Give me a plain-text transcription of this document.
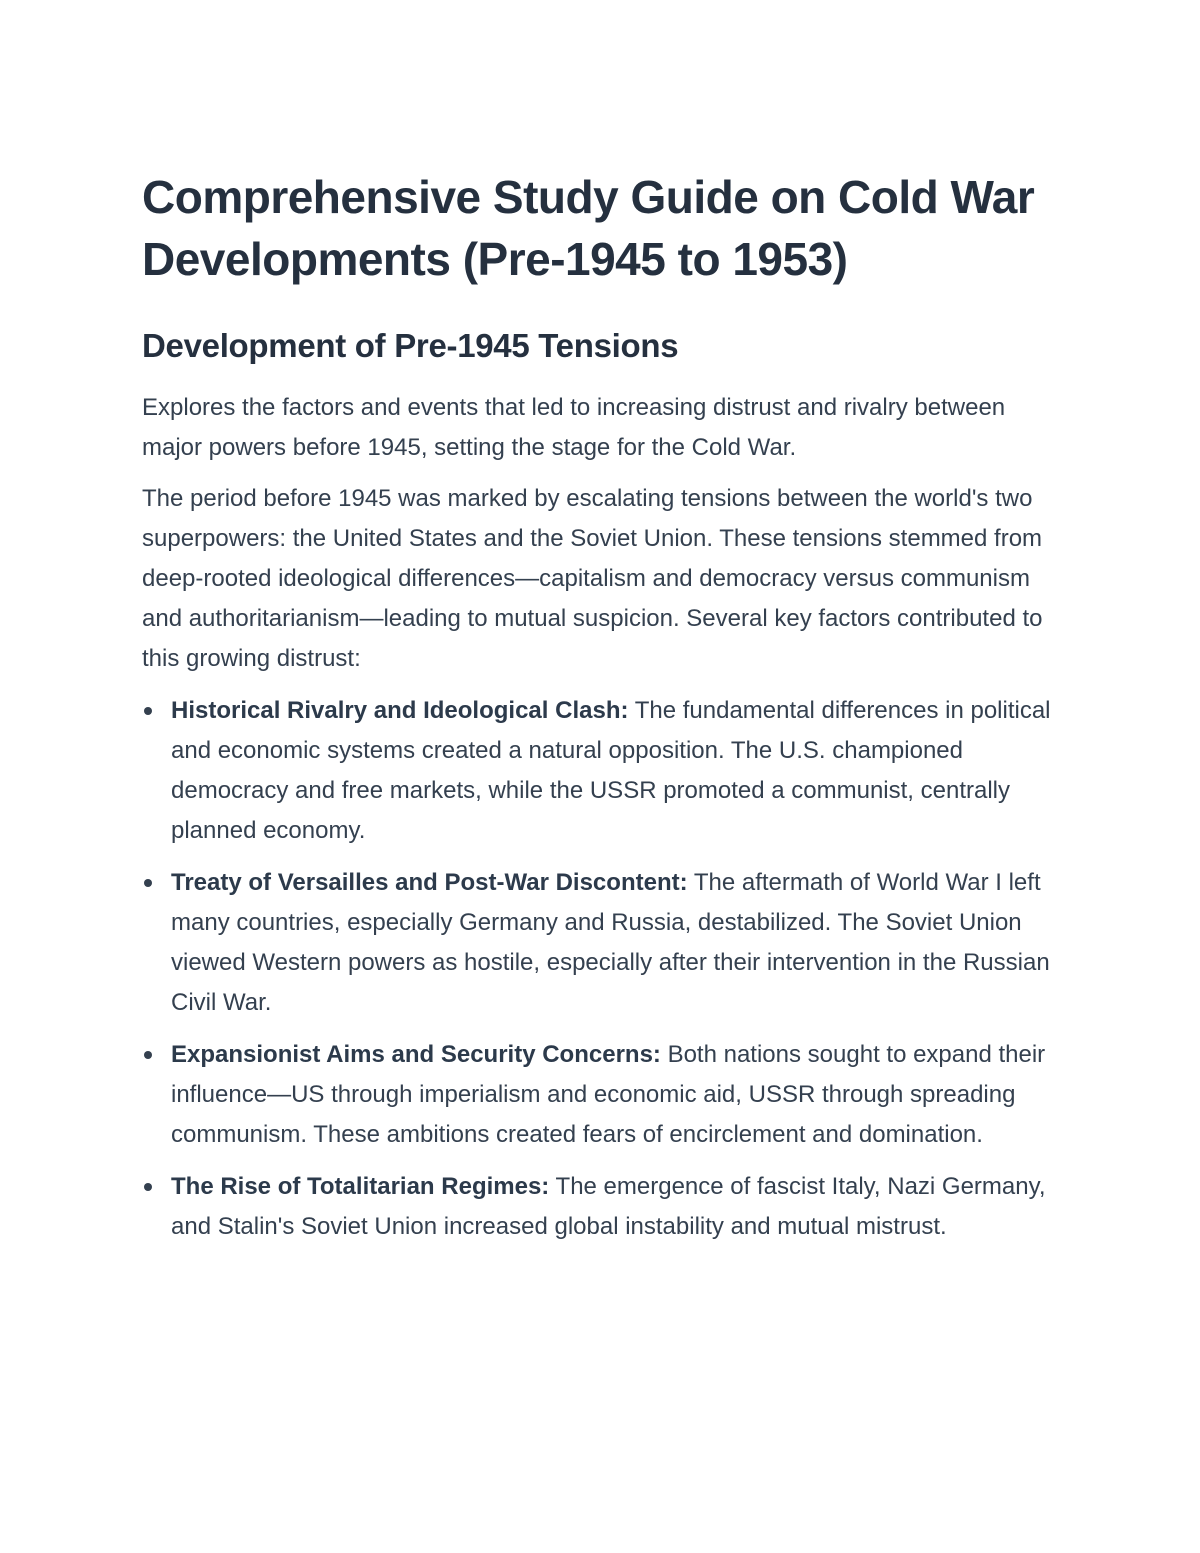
Comprehensive Study Guide on Cold War Developments (Pre-1945 to 1953)
Development of Pre-1945 Tensions

Explores the factors and events that led to increasing distrust and rivalry between major powers before 1945, setting the stage for the Cold War.

The period before 1945 was marked by escalating tensions between the world's two superpowers: the United States and the Soviet Union. These tensions stemmed from deep-rooted ideological differences—capitalism and democracy versus communism and authoritarianism—leading to mutual suspicion. Several key factors contributed to this growing distrust:

Historical Rivalry and Ideological Clash: The fundamental differences in political and economic systems created a natural opposition. The U.S. championed democracy and free markets, while the USSR promoted a communist, centrally planned economy.
Treaty of Versailles and Post-War Discontent: The aftermath of World War I left many countries, especially Germany and Russia, destabilized. The Soviet Union viewed Western powers as hostile, especially after their intervention in the Russian Civil War.
Expansionist Aims and Security Concerns: Both nations sought to expand their influence—US through imperialism and economic aid, USSR through spreading communism. These ambitions created fears of encirclement and domination.
The Rise of Totalitarian Regimes: The emergence of fascist Italy, Nazi Germany, and Stalin's Soviet Union increased global instability and mutual mistrust.
